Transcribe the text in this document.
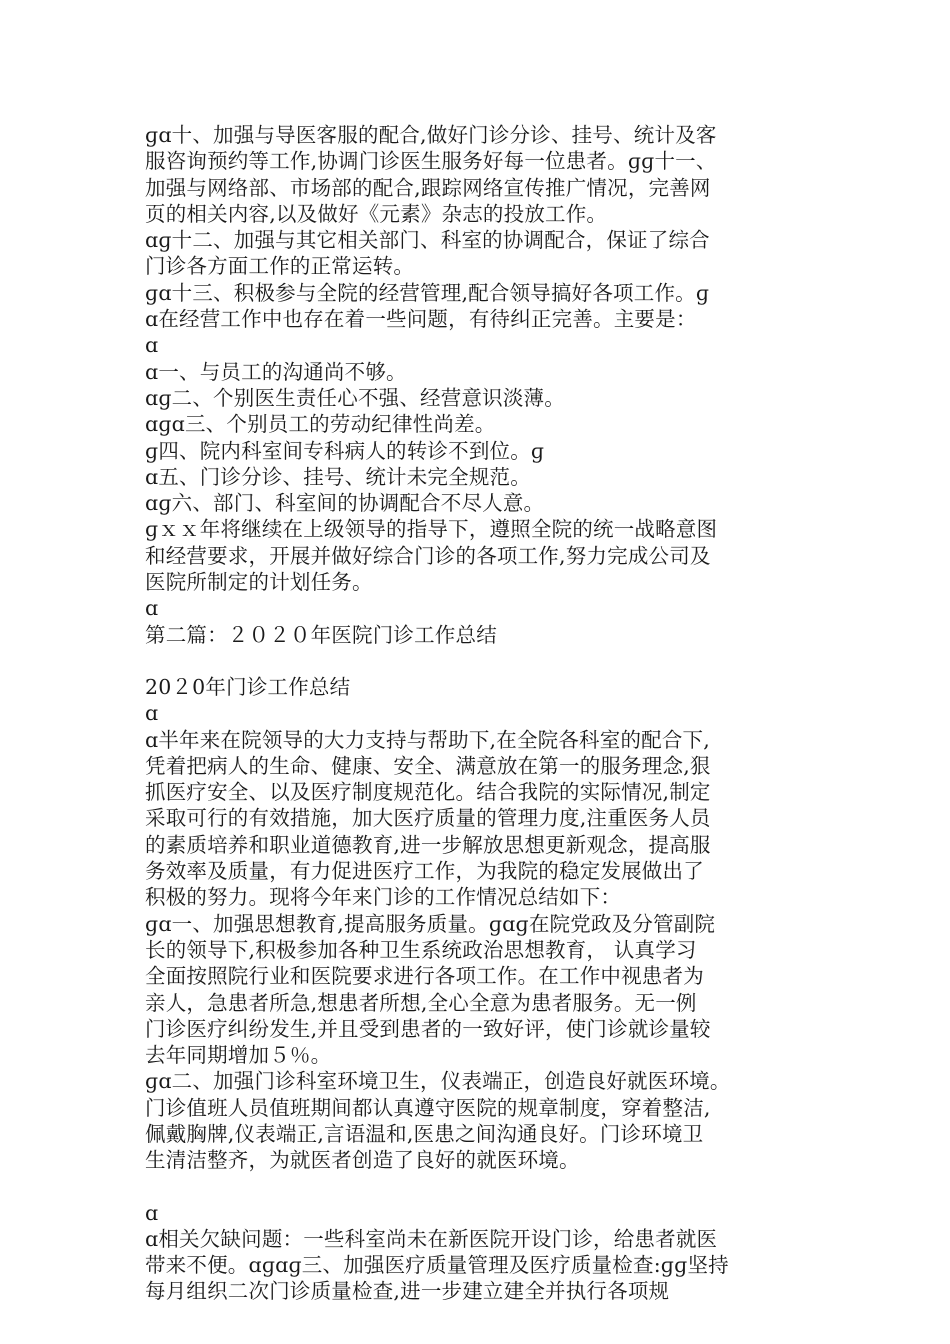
ɡɑ十、加强与导医客服的配合,做好门诊分诊、挂号、统计及客
服咨询预约等工作,协调门诊医生服务好每一位患者。ɡɡ十一、
加强与网络部、市场部的配合,跟踪网络宣传推广情况，完善网
页的相关内容,以及做好《元素》杂志的投放工作。
ɑɡ十二、加强与其它相关部门、科室的协调配合，保证了综合
门诊各方面工作的正常运转。
ɡɑ十三、积极参与全院的经营管理,配合领导搞好各项工作。ɡ
ɑ在经营工作中也存在着一些问题，有待纠正完善。主要是：
ɑ
ɑ一、与员工的沟通尚不够。
ɑɡ二、个别医生责任心不强、经营意识淡薄。
ɑɡɑ三、个别员工的劳动纪律性尚差。
ɡ四、院内科室间专科病人的转诊不到位。ɡ
ɑ五、门诊分诊、挂号、统计未完全规范。
ɑɡ六、部门、科室间的协调配合不尽人意。
ɡｘｘ年将继续在上级领导的指导下，遵照全院的统一战略意图
和经营要求，开展并做好综合门诊的各项工作,努力完成公司及
医院所制定的计划任务。
ɑ
第二篇：２０２０年医院门诊工作总结
20２0年门诊工作总结
ɑ
ɑ半年来在院领导的大力支持与帮助下,在全院各科室的配合下,
凭着把病人的生命、健康、安全、满意放在第一的服务理念,狠
抓医疗安全、以及医疗制度规范化。结合我院的实际情况,制定
采取可行的有效措施，加大医疗质量的管理力度,注重医务人员
的素质培养和职业道德教育,进一步解放思想更新观念，提高服
务效率及质量，有力促进医疗工作，为我院的稳定发展做出了
积极的努力。现将今年来门诊的工作情况总结如下：
ɡɑ一、加强思想教育,提高服务质量。ɡɑɡ在院党政及分管副院
长的领导下,积极参加各种卫生系统政治思想教育， 认真学习
全面按照院行业和医院要求进行各项工作。在工作中视患者为
亲人，急患者所急,想患者所想,全心全意为患者服务。无一例
门诊医疗纠纷发生,并且受到患者的一致好评，使门诊就诊量较
去年同期增加５％。
ɡɑ二、加强门诊科室环境卫生，仪表端正，创造良好就医环境。
门诊值班人员值班期间都认真遵守医院的规章制度，穿着整洁,
佩戴胸牌,仪表端正,言语温和,医患之间沟通良好。门诊环境卫
生清洁整齐，为就医者创造了良好的就医环境。
ɑ
ɑ相关欠缺问题：一些科室尚未在新医院开设门诊，给患者就医
带来不便。ɑɡɑɡ三、加强医疗质量管理及医疗质量检查:ɡɡ坚持
每月组织二次门诊质量检查,进一步建立建全并执行各项规
